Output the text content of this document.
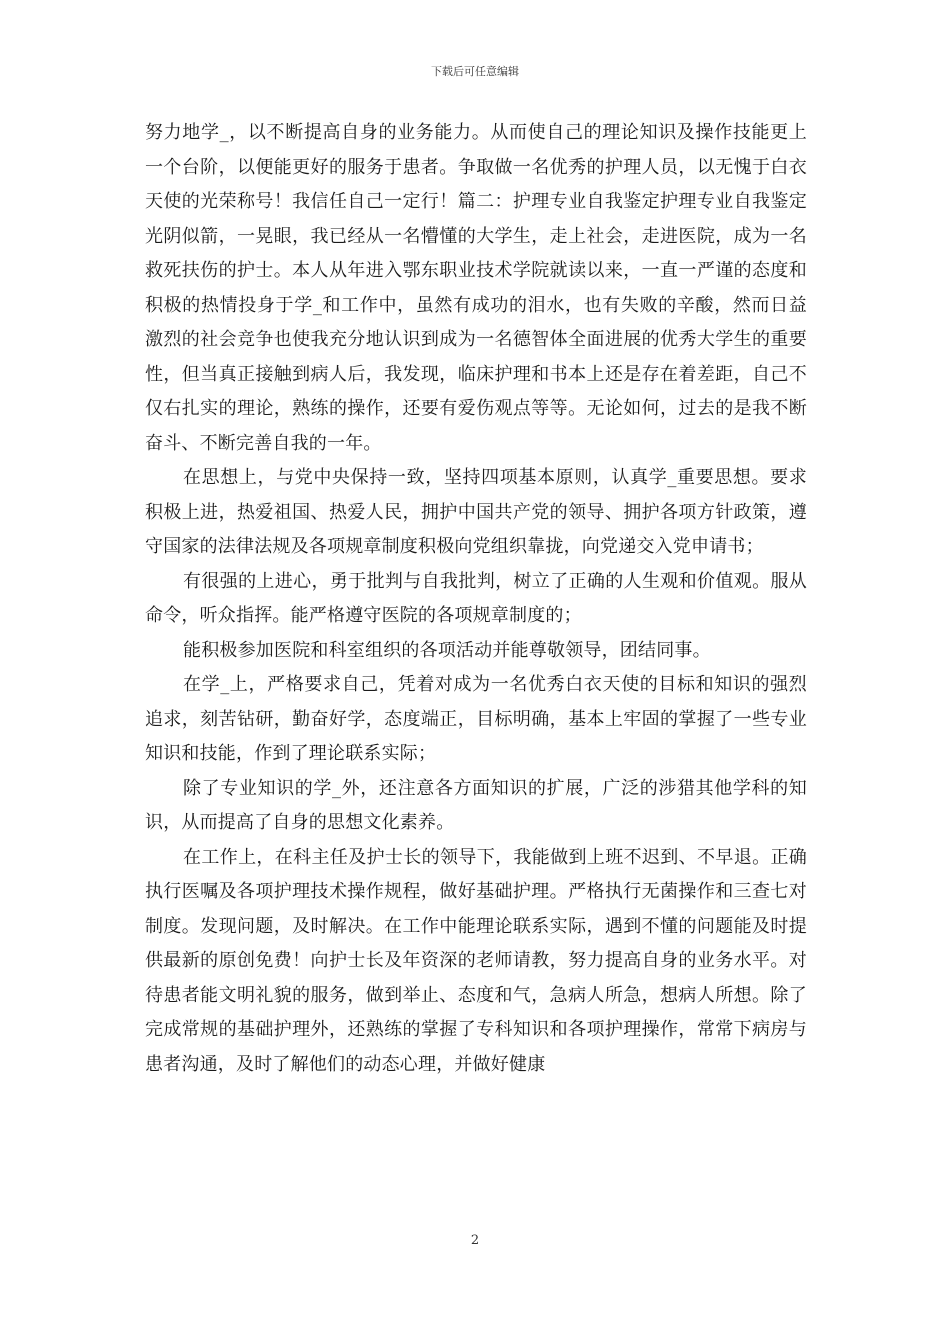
下载后可任意编辑

努力地学_，以不断提高自身的业务能力。从而使自己的理论知识及操作技能更上一个台阶，以便能更好的服务于患者。争取做一名优秀的护理人员，以无愧于白衣天使的光荣称号！我信任自己一定行！篇二：护理专业自我鉴定护理专业自我鉴定光阴似箭，一晃眼，我已经从一名懵懂的大学生，走上社会，走进医院，成为一名救死扶伤的护士。本人从年进入鄂东职业技术学院就读以来，一直一严谨的态度和积极的热情投身于学_和工作中，虽然有成功的泪水，也有失败的辛酸，然而日益激烈的社会竞争也使我充分地认识到成为一名德智体全面进展的优秀大学生的重要性，但当真正接触到病人后，我发现，临床护理和书本上还是存在着差距，自己不仅右扎实的理论，熟练的操作，还要有爱伤观点等等。无论如何，过去的是我不断奋斗、不断完善自我的一年。

在思想上，与党中央保持一致，坚持四项基本原则，认真学_重要思想。要求积极上进，热爱祖国、热爱人民，拥护中国共产党的领导、拥护各项方针政策，遵守国家的法律法规及各项规章制度积极向党组织靠拢，向党递交入党申请书；

有很强的上进心，勇于批判与自我批判，树立了正确的人生观和价值观。服从命令，听众指挥。能严格遵守医院的各项规章制度的；

能积极参加医院和科室组织的各项活动并能尊敬领导，团结同事。

在学_上，严格要求自己，凭着对成为一名优秀白衣天使的目标和知识的强烈追求，刻苦钻研，勤奋好学，态度端正，目标明确，基本上牢固的掌握了一些专业知识和技能，作到了理论联系实际；

除了专业知识的学_外，还注意各方面知识的扩展，广泛的涉猎其他学科的知识，从而提高了自身的思想文化素养。

在工作上，在科主任及护士长的领导下，我能做到上班不迟到、不早退。正确执行医嘱及各项护理技术操作规程，做好基础护理。严格执行无菌操作和三查七对制度。发现问题，及时解决。在工作中能理论联系实际，遇到不懂的问题能及时提供最新的原创免费！向护士长及年资深的老师请教，努力提高自身的业务水平。对待患者能文明礼貌的服务，做到举止、态度和气，急病人所急，想病人所想。除了完成常规的基础护理外，还熟练的掌握了专科知识和各项护理操作，常常下病房与患者沟通，及时了解他们的动态心理，并做好健康

2
